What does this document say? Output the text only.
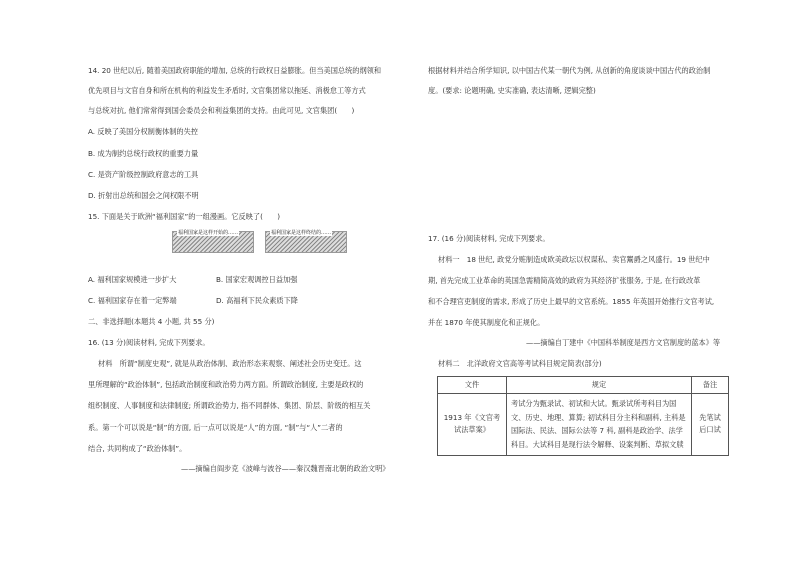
14. 20 世纪以后, 随着美国政府职能的增加, 总统的行政权日益膨胀。但当美国总统的纲领和
优先项目与文官自身和所在机构的利益发生矛盾时, 文官集团常以拖延、消极怠工等方式
与总统对抗, 他们常常得到国会委员会和利益集团的支持。由此可见, 文官集团(　　)
A. 反映了美国分权制衡体制的失控
B. 成为制约总统行政权的重要力量
C. 是资产阶级控制政府意志的工具
D. 折射出总统和国会之间权限不明
15. 下面是关于欧洲“福利国家”的一组漫画。它反映了(　　)
福利国家是这样开始的……	福利国家是这样终结的……
A. 福利国家规模进一步扩大	B. 国家宏观调控日益加强
C. 福利国家存在着一定弊端	D. 高福利下民众素质下降
二、非选择题(本题共 4 小题, 共 55 分)
16. (13 分)阅读材料, 完成下列要求。
材料　所谓“制度史观”, 就是从政治体制、政治形态来观察、阐述社会历史变迁。这
里所理解的“政治体制”, 包括政治制度和政治势力两方面。所谓政治制度, 主要是政权的
组织制度、人事制度和法律制度; 所谓政治势力, 指不同群体、集团、阶层、阶级的相互关
系。第一个可以说是“制”的方面, 后一点可以说是“人”的方面, “制”与“人”二者的
结合, 共同构成了“政治体制”。
——摘编自阎步克《波峰与波谷——秦汉魏晋南北朝的政治文明》
根据材料并结合所学知识, 以中国古代某一朝代为例, 从创新的角度谈谈中国古代的政治制
度。(要求: 论题明确, 史实准确, 表达清晰, 逻辑完整)
17. (16 分)阅读材料, 完成下列要求。
材料一　18 世纪, 政党分赃制造成欧美政坛以权谋私、卖官鬻爵之风盛行。19 世纪中
期, 首先完成工业革命的英国急需精简高效的政府为其经济扩张服务, 于是, 在行政改革
和不合理官吏制度的需求, 形成了历史上最早的文官系统。1855 年英国开始推行文官考试,
并在 1870 年使其制度化和正规化。
——摘编自丁建中《中国科举制度是西方文官制度的蓝本》等
材料二　北洋政府文官高等考试科目规定简表(部分)
文件	规定	备注
1913 年《文官考试法草案》	考试分为甄录试、初试和大试。甄录试所考科目为国文、历史、地理、算算; 初试科目分主科和副科, 主科是国际法、民法、国际公法等 7 科, 副科是政治学、法学科目。大试科目是现行法令解释、设案判断、草拟文牍	先笔试后口试
